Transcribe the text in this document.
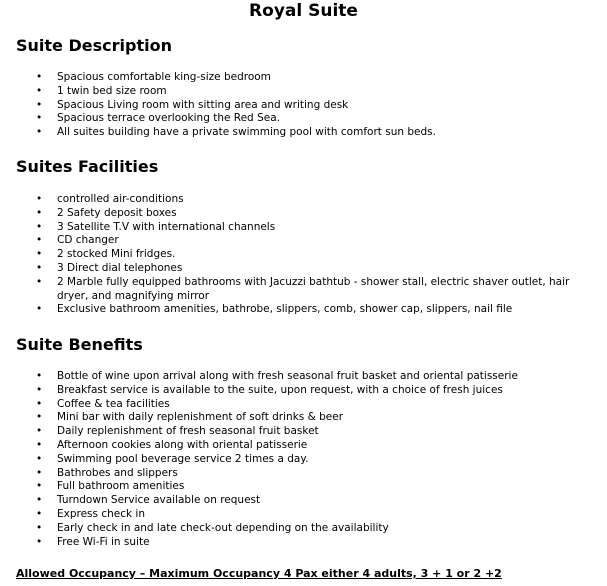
Royal Suite
Suite Description
• Spacious comfortable king-size bedroom
• 1 twin bed size room
• Spacious Living room with sitting area and writing desk
• Spacious terrace overlooking the Red Sea.
• All suites building have a private swimming pool with comfort sun beds.
Suites Facilities
• controlled air-conditions
• 2 Safety deposit boxes
• 3 Satellite T.V with international channels
• CD changer
• 2 stocked Mini fridges.
• 3 Direct dial telephones
• 2 Marble fully equipped bathrooms with Jacuzzi bathtub - shower stall, electric shaver outlet, hair dryer, and magnifying mirror
• Exclusive bathroom amenities, bathrobe, slippers, comb, shower cap, slippers, nail file
Suite Benefits
• Bottle of wine upon arrival along with fresh seasonal fruit basket and oriental patisserie
• Breakfast service is available to the suite, upon request, with a choice of fresh juices
• Coffee & tea facilities
• Mini bar with daily replenishment of soft drinks & beer
• Daily replenishment of fresh seasonal fruit basket
• Afternoon cookies along with oriental patisserie
• Swimming pool beverage service 2 times a day.
• Bathrobes and slippers
• Full bathroom amenities
• Turndown Service available on request
• Express check in
• Early check in and late check-out depending on the availability
• Free Wi-Fi in suite

Allowed Occupancy – Maximum Occupancy 4 Pax either 4 adults, 3 + 1 or 2 +2
